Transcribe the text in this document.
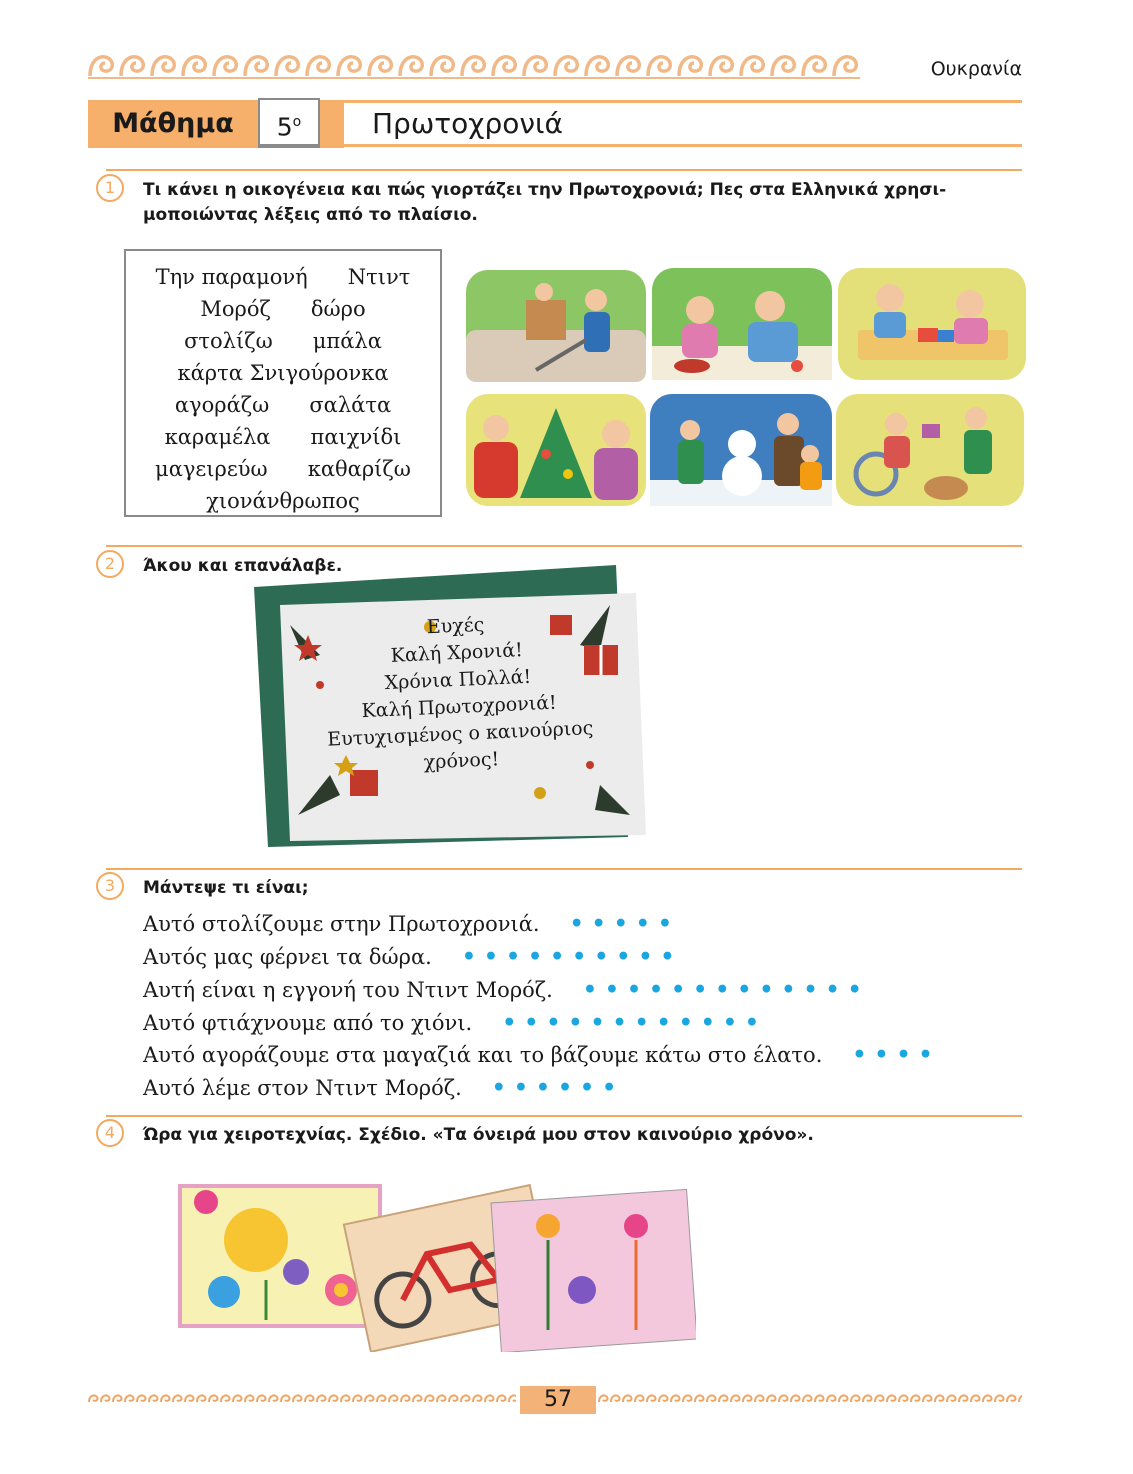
Ουκρανία
Μάθημα	$5^o$	Πρωτοχρονιά
1	Τι κάνει η οικογένεια και πώς γιορτάζει την Πρωτοχρονιά; Πες στα Ελληνικά χρησι-
μοποιώντας λέξεις από το πλαίσιο.
Την παραμονή      Ντιντ
Μορόζ      δώρο
στολίζω      μπάλα
κάρτα Σνιγούρονκα
αγοράζω      σαλάτα
καραμέλα      παιχνίδι
μαγειρεύω      καθαρίζω
χιονάνθρωπος
2	Άκου και επανάλαβε.
Ευχές
Καλή Χρονιά!
Χρόνια Πολλά!
Καλή Πρωτοχρονιά!
Ευτυχισμένος ο καινούριος
χρόνος!
3	Μάντεψε τι είναι;
Αυτό στολίζουμε στην Πρωτοχρονιά. •••••
Αυτός μας φέρνει τα δώρα. ••••••••••
Αυτή είναι η εγγονή του Ντιντ Μορόζ. •••••••••••••
Αυτό φτιάχνουμε από το χιόνι. ••••••••••••
Αυτό αγοράζουμε στα μαγαζιά και το βάζουμε κάτω στο έλατο. ••••
Αυτό λέμε στον Ντιντ Μορόζ. ••••••
4	Ώρα για χειροτεχνίας. Σχέδιο. «Τα όνειρά μου στον καινούριο χρόνο».
57
